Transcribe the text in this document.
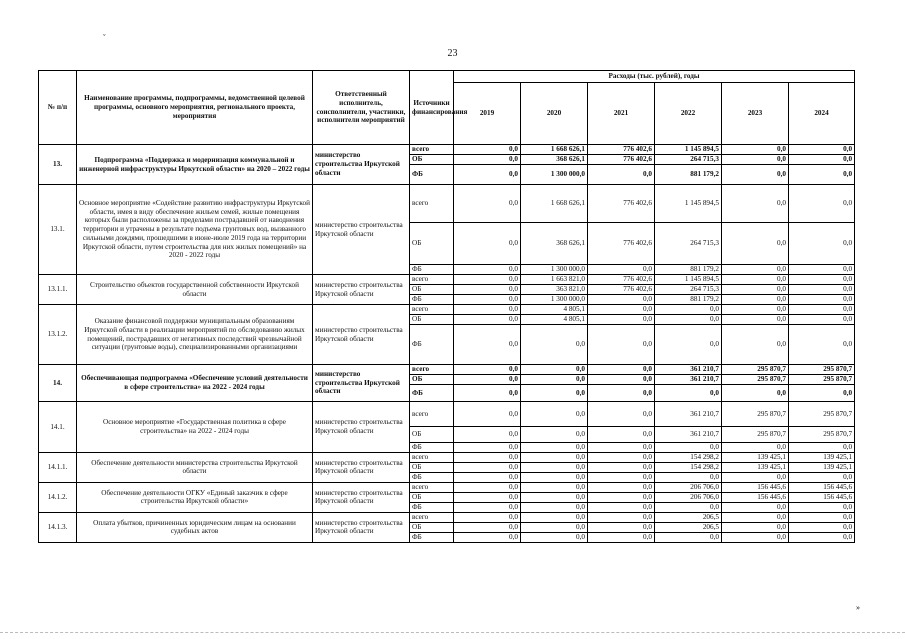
23
ˇ
№ п/п	Наименование программы, подпрограммы, ведомственной целевой программы, основного мероприятия, регионального проекта, мероприятия	Ответственный исполнитель, соисполнители, участники, исполнители мероприятий	Источники финансирования	Расходы (тыс. рублей), годы					
				2019	2020	2021	2022	2023	2024
13.	Подпрограмма «Поддержка и модернизация коммунальной и инженерной инфраструктуры Иркутской области» на 2020 – 2022 годы	министерство строительства Иркутской области	всего	0,0	1 668 626,1	776 402,6	1 145 894,5	0,0	0,0
			ОБ	0,0	368 626,1	776 402,6	264 715,3	0,0	0,0
			ФБ	0,0	1 300 000,0	0,0	881 179,2	0,0	0,0
13.1.	Основное мероприятие «Содействие развитию инфраструктуры Иркутской области, имея в виду обеспечение жильем семей, жилые помещения которых были расположены за пределами пострадавшей от наводнения территории и утрачены в результате подъема грунтовых вод, вызванного сильными дождями, прошедшими в июне-июле 2019 года на территории Иркутской области, путем строительства для них жилых помещений» на 2020 - 2022 годы	министерство строительства Иркутской области	всего	0,0	1 668 626,1	776 402,6	1 145 894,5	0,0	0,0
			ОБ	0,0	368 626,1	776 402,6	264 715,3	0,0	0,0
			ФБ	0,0	1 300 000,0	0,0	881 179,2	0,0	0,0
13.1.1.	Строительство объектов государственной собственности Иркутской области	министерство строительства Иркутской области	всего	0,0	1 663 821,0	776 402,6	1 145 894,5	0,0	0,0
			ОБ	0,0	363 821,0	776 402,6	264 715,3	0,0	0,0
			ФБ	0,0	1 300 000,0	0,0	881 179,2	0,0	0,0
13.1.2.	Оказание финансовой поддержки муниципальным образованиям Иркутской области в реализации мероприятий по обследованию жилых помещений, пострадавших от негативных последствий чрезвычайной ситуации (грунтовые воды), специализированными организациями	министерство строительства Иркутской области	всего	0,0	4 805,1	0,0	0,0	0,0	0,0
			ОБ	0,0	4 805,1	0,0	0,0	0,0	0,0
			ФБ	0,0	0,0	0,0	0,0	0,0	0,0
14.	Обеспечивающая подпрограмма «Обеспечение условий деятельности в сфере строительства» на 2022 - 2024 годы	министерство строительства Иркутской области	всего	0,0	0,0	0,0	361 210,7	295 870,7	295 870,7
			ОБ	0,0	0,0	0,0	361 210,7	295 870,7	295 870,7
			ФБ	0,0	0,0	0,0	0,0	0,0	0,0
14.1.	Основное мероприятие «Государственная политика в сфере строительства» на 2022 - 2024 годы	министерство строительства Иркутской области	всего	0,0	0,0	0,0	361 210,7	295 870,7	295 870,7
			ОБ	0,0	0,0	0,0	361 210,7	295 870,7	295 870,7
			ФБ	0,0	0,0	0,0	0,0	0,0	0,0
14.1.1.	Обеспечение деятельности министерства строительства Иркутской области	министерство строительства Иркутской области	всего	0,0	0,0	0,0	154 298,2	139 425,1	139 425,1
			ОБ	0,0	0,0	0,0	154 298,2	139 425,1	139 425,1
			ФБ	0,0	0,0	0,0	0,0	0,0	0,0
14.1.2.	Обеспечение деятельности ОГКУ «Единый заказчик в сфере строительства Иркутской области»	министерство строительства Иркутской области	всего	0,0	0,0	0,0	206 706,0	156 445,6	156 445,6
			ОБ	0,0	0,0	0,0	206 706,0	156 445,6	156 445,6
			ФБ	0,0	0,0	0,0	0,0	0,0	0,0
14.1.3.	Оплата убытков, причиненных юридическим лицам на основании судебных актов	министерство строительства Иркутской области	всего	0,0	0,0	0,0	206,5	0,0	0,0
			ОБ	0,0	0,0	0,0	206,5	0,0	0,0
			ФБ	0,0	0,0	0,0	0,0	0,0	0,0
»
